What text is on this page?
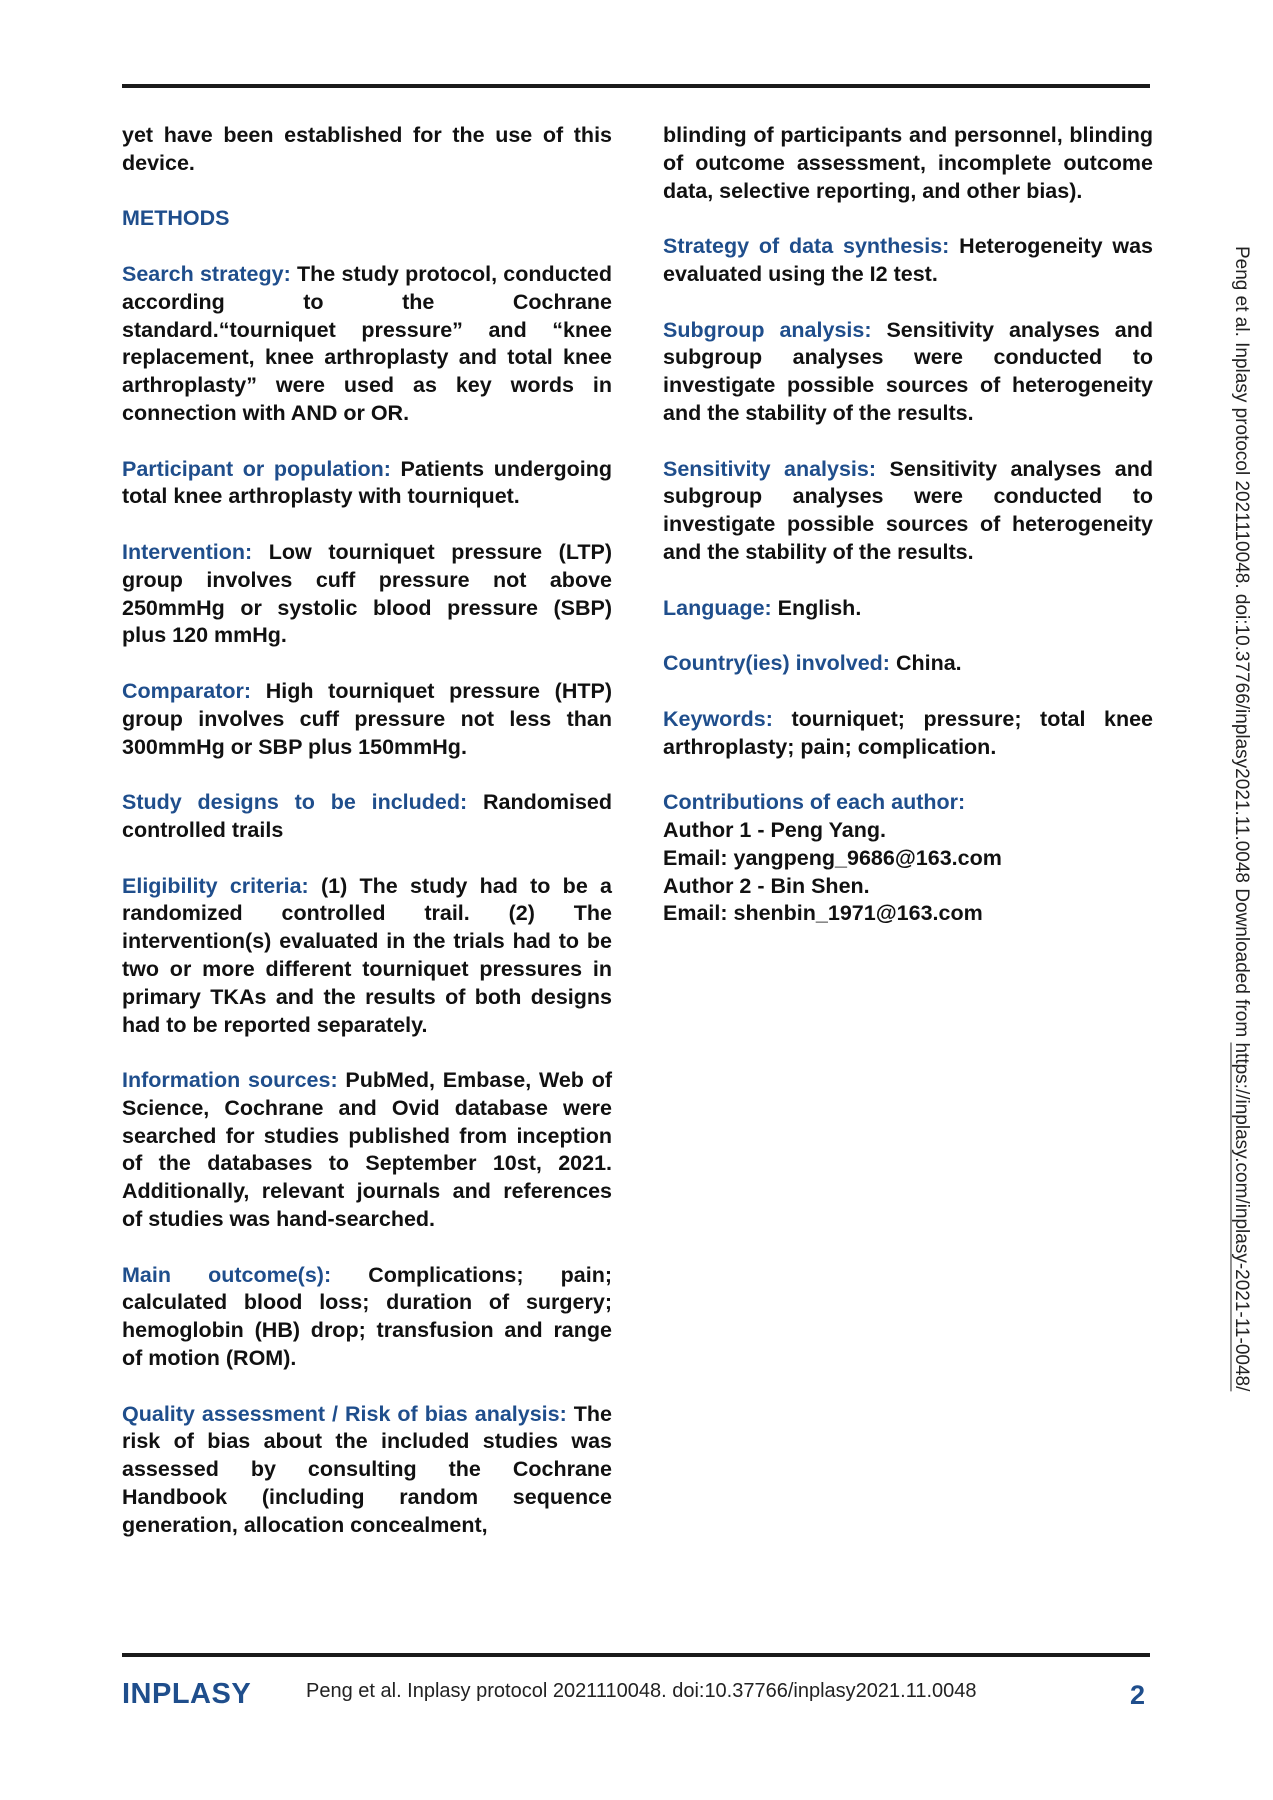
yet have been established for the use of this device.

METHODS

Search strategy: The study protocol, conducted according to the Cochrane standard.“tourniquet pressure” and “knee replacement, knee arthroplasty and total knee arthroplasty” were used as key words in connection with AND or OR.

Participant or population: Patients undergoing total knee arthroplasty with tourniquet.

Intervention: Low tourniquet pressure (LTP) group involves cuff pressure not above 250mmHg or systolic blood pressure (SBP) plus 120 mmHg.

Comparator: High tourniquet pressure (HTP) group involves cuff pressure not less than 300mmHg or SBP plus 150mmHg.

Study designs to be included: Randomised controlled trails

Eligibility criteria: (1) The study had to be a randomized controlled trail. (2) The intervention(s) evaluated in the trials had to be two or more different tourniquet pressures in primary TKAs and the results of both designs had to be reported separately.

Information sources: PubMed, Embase, Web of Science, Cochrane and Ovid database were searched for studies published from inception of the databases to September 10st, 2021. Additionally, relevant journals and references of studies was hand-searched.

Main outcome(s): Complications; pain; calculated blood loss; duration of surgery; hemoglobin (HB) drop; transfusion and range of motion (ROM).

Quality assessment / Risk of bias analysis: The risk of bias about the included studies was assessed by consulting the Cochrane Handbook (including random sequence generation, allocation concealment,

blinding of participants and personnel, blinding of outcome assessment, incomplete outcome data, selective reporting, and other bias).

Strategy of data synthesis: Heterogeneity was evaluated using the I2 test.

Subgroup analysis: Sensitivity analyses and subgroup analyses were conducted to investigate possible sources of heterogeneity and the stability of the results.

Sensitivity analysis: Sensitivity analyses and subgroup analyses were conducted to investigate possible sources of heterogeneity and the stability of the results.

Language: English.

Country(ies) involved: China.

Keywords: tourniquet; pressure; total knee arthroplasty; pain; complication.

Contributions of each author:
Author 1 - Peng Yang.
Email: yangpeng_9686@163.com
Author 2 - Bin Shen.
Email: shenbin_1971@163.com	Peng et al. Inplasy protocol 2021110048. doi:10.37766/inplasy2021.11.0048 Downloaded from https://inplasy.com/inplasy-2021-11-0048/
INPLASY	Peng et al. Inplasy protocol 2021110048. doi:10.37766/inplasy2021.11.0048	2
